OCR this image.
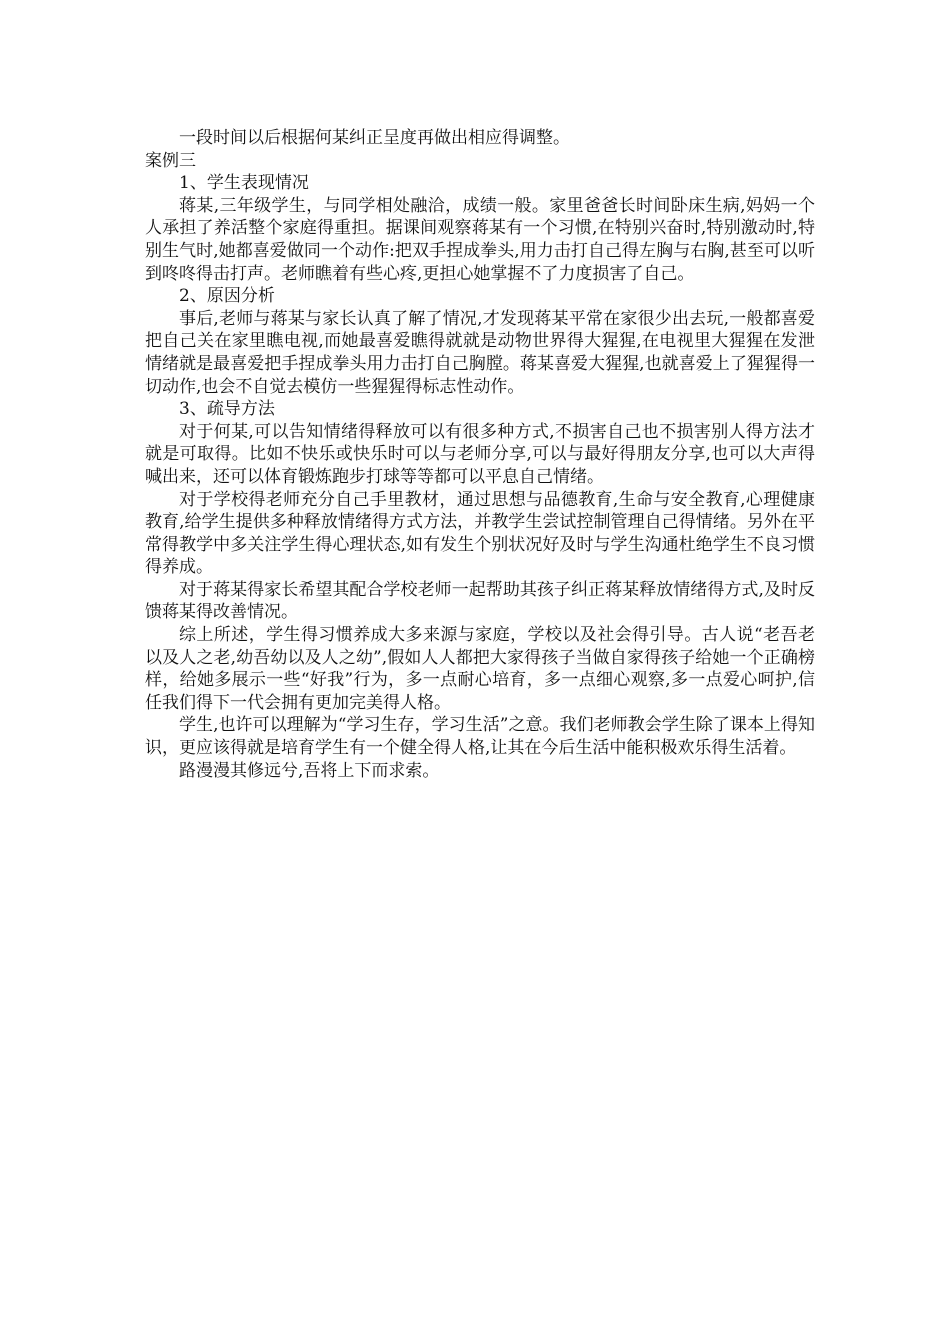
一段时间以后根据何某纠正呈度再做出相应得调整。

案例三

1、学生表现情况

蒋某,三年级学生，与同学相处融洽，成绩一般。家里爸爸长时间卧床生病,妈妈一个人承担了养活整个家庭得重担。据课间观察蒋某有一个习惯,在特别兴奋时,特别激动时,特别生气时,她都喜爱做同一个动作:把双手捏成拳头,用力击打自己得左胸与右胸,甚至可以听到咚咚得击打声。老师瞧着有些心疼,更担心她掌握不了力度损害了自己。

2、原因分析

事后,老师与蒋某与家长认真了解了情况,才发现蒋某平常在家很少出去玩,一般都喜爱把自己关在家里瞧电视,而她最喜爱瞧得就就是动物世界得大猩猩,在电视里大猩猩在发泄情绪就是最喜爱把手捏成拳头用力击打自己胸膛。蒋某喜爱大猩猩,也就喜爱上了猩猩得一切动作,也会不自觉去模仿一些猩猩得标志性动作。

3、疏导方法

对于何某,可以告知情绪得释放可以有很多种方式,不损害自己也不损害别人得方法才就是可取得。比如不快乐或快乐时可以与老师分享,可以与最好得朋友分享,也可以大声得喊出来，还可以体育锻炼跑步打球等等都可以平息自己情绪。

对于学校得老师充分自己手里教材，通过思想与品德教育,生命与安全教育,心理健康教育,给学生提供多种释放情绪得方式方法，并教学生尝试控制管理自己得情绪。另外在平常得教学中多关注学生得心理状态,如有发生个别状况好及时与学生沟通杜绝学生不良习惯得养成。

对于蒋某得家长希望其配合学校老师一起帮助其孩子纠正蒋某释放情绪得方式,及时反馈蒋某得改善情况。

综上所述，学生得习惯养成大多来源与家庭，学校以及社会得引导。古人说“老吾老以及人之老,幼吾幼以及人之幼”,假如人人都把大家得孩子当做自家得孩子给她一个正确榜样，给她多展示一些“好我”行为，多一点耐心培育，多一点细心观察,多一点爱心呵护,信任我们得下一代会拥有更加完美得人格。

学生,也许可以理解为“学习生存，学习生活”之意。我们老师教会学生除了课本上得知识，更应该得就是培育学生有一个健全得人格,让其在今后生活中能积极欢乐得生活着。

路漫漫其修远兮,吾将上下而求索。
